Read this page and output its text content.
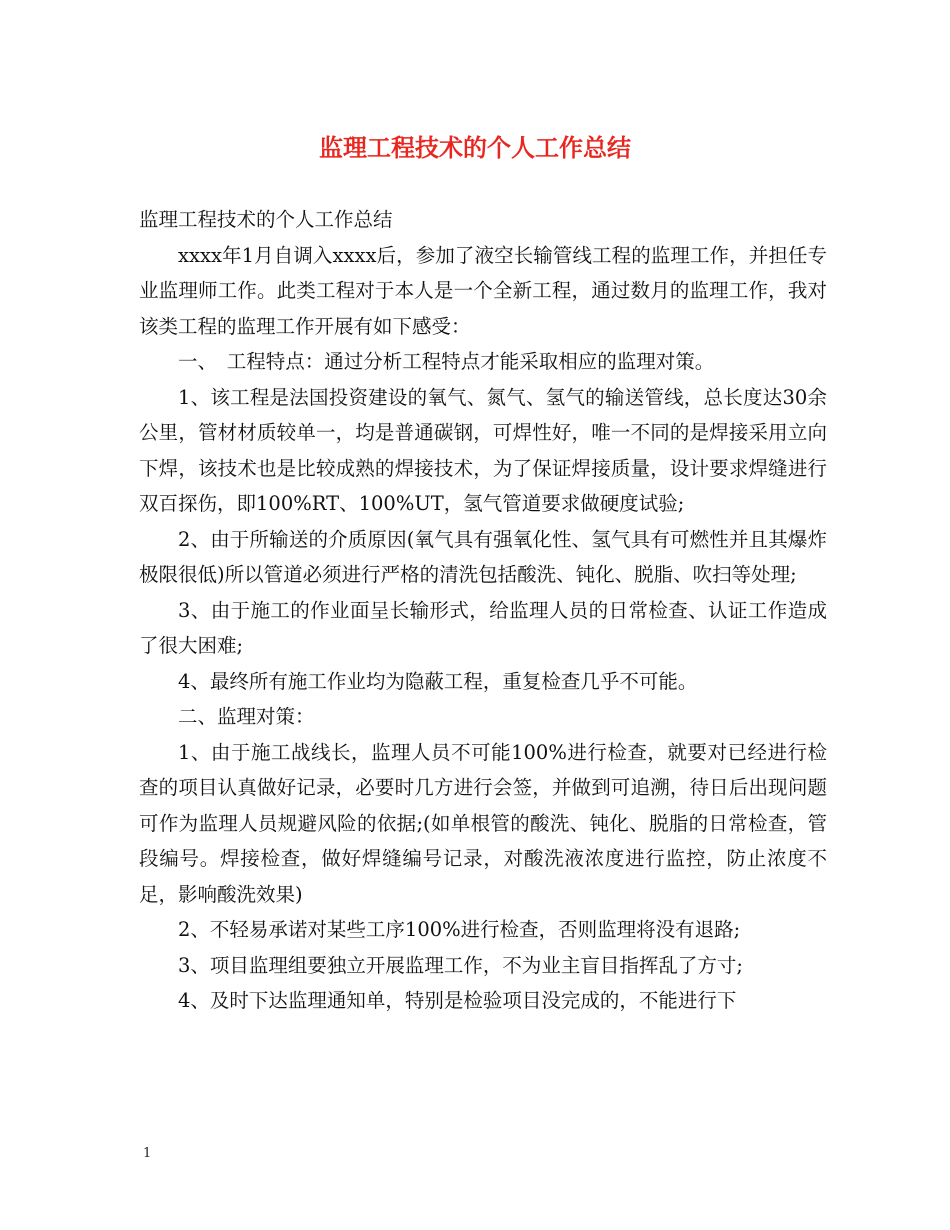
监理工程技术的个人工作总结

监理工程技术的个人工作总结

xxxx年1月自调入xxxx后，参加了液空长输管线工程的监理工作，并担任专业监理师工作。此类工程对于本人是一个全新工程，通过数月的监理工作，我对该类工程的监理工作开展有如下感受：

一、　工程特点：通过分析工程特点才能采取相应的监理对策。

1、该工程是法国投资建设的氧气、氮气、氢气的输送管线，总长度达30余公里，管材材质较单一，均是普通碳钢，可焊性好，唯一不同的是焊接采用立向下焊，该技术也是比较成熟的焊接技术，为了保证焊接质量，设计要求焊缝进行双百探伤，即100%RT、100%UT，氢气管道要求做硬度试验;

2、由于所输送的介质原因(氧气具有强氧化性、氢气具有可燃性并且其爆炸极限很低)所以管道必须进行严格的清洗包括酸洗、钝化、脱脂、吹扫等处理;

3、由于施工的作业面呈长输形式，给监理人员的日常检查、认证工作造成了很大困难;

4、最终所有施工作业均为隐蔽工程，重复检查几乎不可能。

二、监理对策：

1、由于施工战线长，监理人员不可能100%进行检查，就要对已经进行检查的项目认真做好记录，必要时几方进行会签，并做到可追溯，待日后出现问题可作为监理人员规避风险的依据;(如单根管的酸洗、钝化、脱脂的日常检查，管段编号。焊接检查，做好焊缝编号记录，对酸洗液浓度进行监控，防止浓度不足，影响酸洗效果)

2、不轻易承诺对某些工序100%进行检查，否则监理将没有退路;

3、项目监理组要独立开展监理工作，不为业主盲目指挥乱了方寸;

4、及时下达监理通知单，特别是检验项目没完成的，不能进行下

1
